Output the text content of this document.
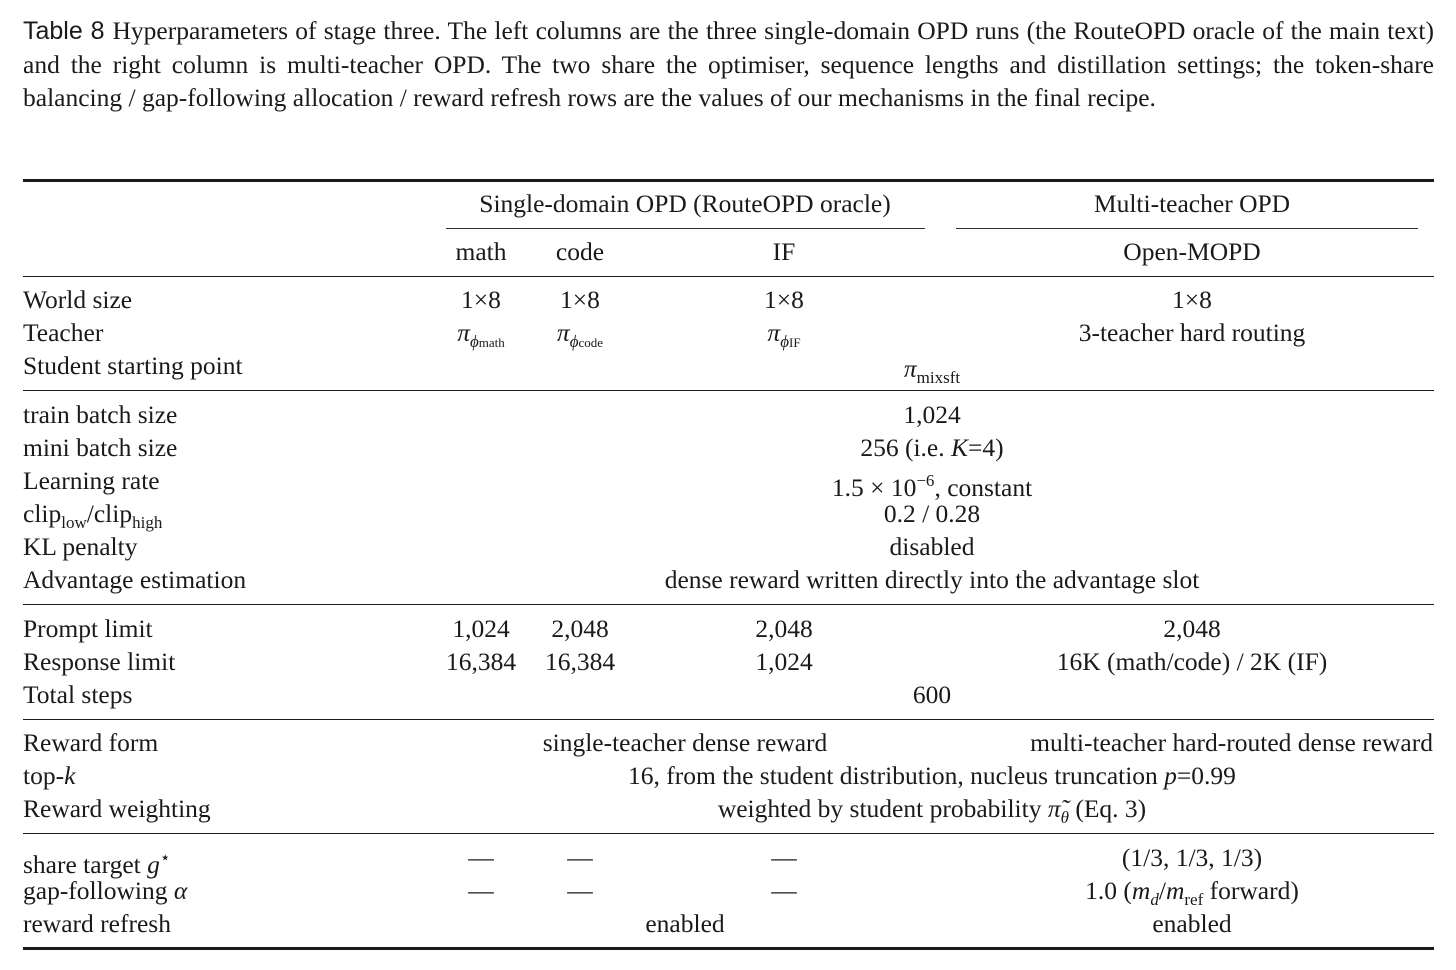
Table 8 Hyperparameters of stage three. The left columns are the three single-domain OPD runs (the RouteOPD oracle of the main text) and the right column is multi-teacher OPD. The two share the optimiser, sequence lengths and distillation settings; the token-share balancing / gap-following allocation / reward refresh rows are the values of our mechanisms in the final recipe.
Single-domain OPD (RouteOPD oracle)	Multi-teacher OPD
math code	IF	Open-MOPD
World size	1×8 1×8	1×8	1×8
Teacher	$\pi_{\phi math}$ $\pi_{\phi code}$	$\pi_{\phi IF}$	3-teacher hard routing
Student starting point	$\pi_{mixsft}$
train batch size	1,024
mini batch size	256 (i.e. K=4)
Learning rate	$1.5 \times 10^{-6}$, constant
clip$_{low}$/clip$_{high}$	0.2 / 0.28
KL penalty	disabled
Advantage estimation	dense reward written directly into the advantage slot
Prompt limit	1,024 2,048	2,048	2,048
Response limit	16,384 16,384	1,024	16K (math/code) / 2K (IF)
Total steps	600
Reward form	single-teacher dense reward	multi-teacher hard-routed dense reward
top-k	16, from the student distribution, nucleus truncation p=0.99
Reward weighting	weighted by student probability $\pĩ_\theta$ (Eq. 3)
share target g⋆	—	—	—	(1/3, 1/3, 1/3)
gap-following α	—	—	—	1.0 ($m_d/m_{ref}$ forward)
reward refresh	enabled	enabled
